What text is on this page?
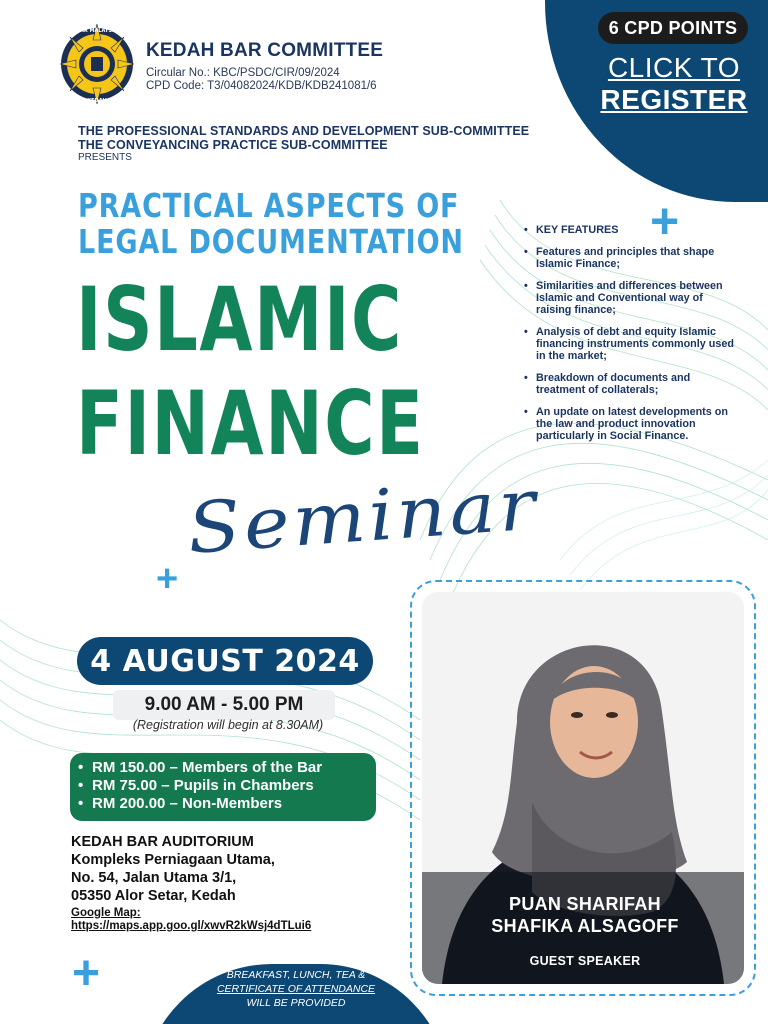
6 CPD POINTS
CLICK TO
REGISTER
BAR MALAYSIA
KEDAH
KEDAH BAR COMMITTEE
Circular No.: KBC/PSDC/CIR/09/2024
CPD Code: T3/04082024/KDB/KDB241081/6
THE PROFESSIONAL STANDARDS AND DEVELOPMENT SUB-COMMITTEE
THE CONVEYANCING PRACTICE SUB-COMMITTEE
PRESENTS
PRACTICAL ASPECTS OF
LEGAL DOCUMENTATION
ISLAMIC
FINANCE
Seminar
+
+
+
• KEY FEATURES
• Features and principles that shape Islamic Finance;
• Similarities and differences between Islamic and Conventional way of raising finance;
• Analysis of debt and equity Islamic financing instruments commonly used in the market;
• Breakdown of documents and treatment of collaterals;
• An update on latest developments on the law and product innovation particularly in Social Finance.
4 AUGUST 2024
9.00 AM - 5.00 PM
(Registration will begin at 8.30AM)
• RM 150.00 – Members of the Bar
• RM 75.00 – Pupils in Chambers
• RM 200.00 – Non-Members
KEDAH BAR AUDITORIUM
Kompleks Perniagaan Utama,
No. 54, Jalan Utama 3/1,
05350 Alor Setar, Kedah
Google Map:
https://maps.app.goo.gl/xwvR2kWsj4dTLui6
BREAKFAST, LUNCH, TEA &
CERTIFICATE OF ATTENDANCE
WILL BE PROVIDED
PUAN SHARIFAH
SHAFIKA ALSAGOFF
GUEST SPEAKER
